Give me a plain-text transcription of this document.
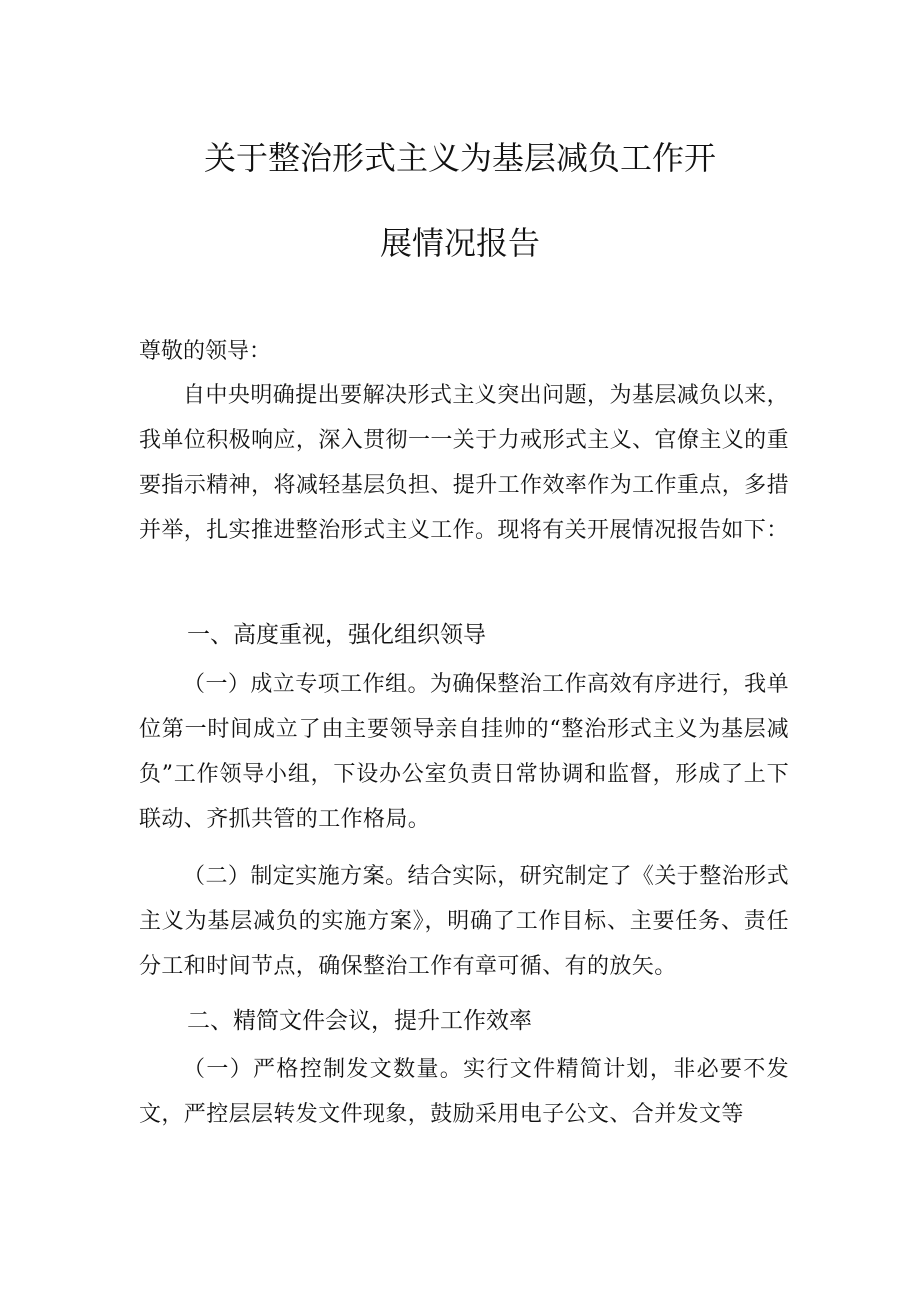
关于整治形式主义为基层减负工作开
展情况报告
尊敬的领导：
自中央明确提出要解决形式主义突出问题，为基层减负以来，我单位积极响应，深入贯彻一一关于力戒形式主义、官僚主义的重要指示精神，将减轻基层负担、提升工作效率作为工作重点，多措并举，扎实推进整治形式主义工作。现将有关开展情况报告如下：
一、高度重视，强化组织领导
（一）成立专项工作组。为确保整治工作高效有序进行，我单位第一时间成立了由主要领导亲自挂帅的“整治形式主义为基层减负”工作领导小组，下设办公室负责日常协调和监督，形成了上下联动、齐抓共管的工作格局。
（二）制定实施方案。结合实际，研究制定了《关于整治形式主义为基层减负的实施方案》，明确了工作目标、主要任务、责任分工和时间节点，确保整治工作有章可循、有的放矢。
二、精简文件会议，提升工作效率
（一）严格控制发文数量。实行文件精简计划，非必要不发文，严控层层转发文件现象，鼓励采用电子公文、合并发文等
